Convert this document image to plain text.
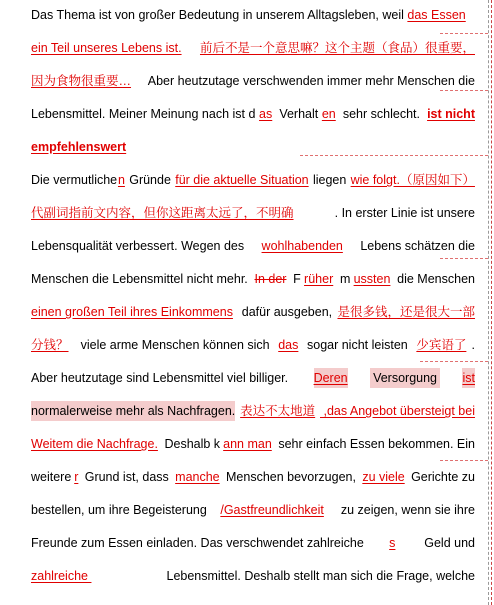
Das Thema ist von großer Bedeutung in unserem Alltagsleben, weil das Essen
ein Teil unseres Lebens ist. 前后不是一个意思嘛？这个主题（食品）很重要，
因为食物很重要… Aber heutzutage verschwenden immer mehr Menschen die
Lebensmittel. Meiner Meinung nach ist d as Verhalt en sehr schlecht. ist nicht
empfehlenswert
Die vermutliche n Gründe für die aktuelle Situation liegen wie folgt.（原因如下）
代副词指前文内容，但你这距离太远了，不明确	. In erster Linie ist unsere
Lebensqualität verbessert. Wegen des wohlhabenden Lebens schätzen die
Menschen die Lebensmittel nicht mehr. In der F rüher m ussten die Menschen
einen großen Teil ihres Einkommens dafür ausgeben, 是很多钱，还是很大一部
分钱？ viele arme Menschen können sich das sogar nicht leisten 少宾语了 .
Aber heutzutage sind Lebensmittel viel billiger. Deren Versorgung ist
normalerweise mehr als Nachfragen. 表达不太地道 ,das Angebot übersteigt bei
Weitem die Nachfrage. Deshalb k ann man sehr einfach Essen bekommen. Ein
weitere r Grund ist, dass manche Menschen bevorzugen, zu viele Gerichte zu
bestellen, um ihre Begeisterung /Gastfreundlichkeit zu zeigen, wenn sie ihre
Freunde zum Essen einladen. Das verschwendet zahlreiche s Geld und
zahlreiche	Lebensmittel. Deshalb stellt man sich die Frage, welche
